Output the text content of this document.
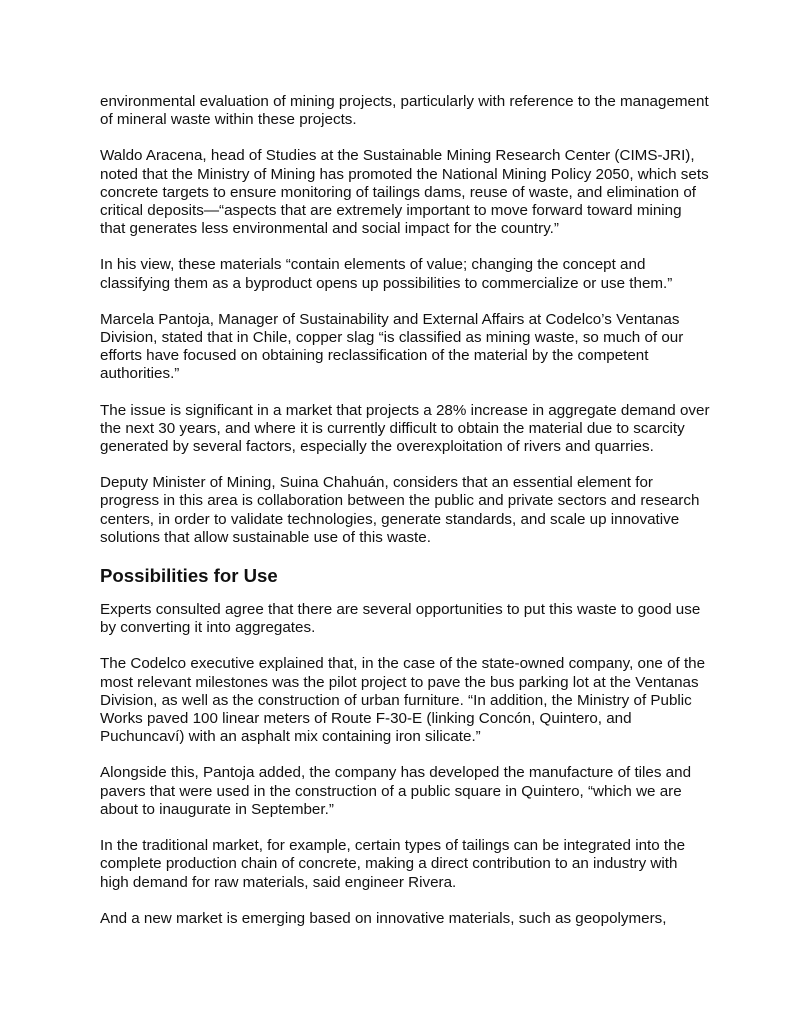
environmental evaluation of mining projects, particularly with reference to the management of mineral waste within these projects.

Waldo Aracena, head of Studies at the Sustainable Mining Research Center (CIMS-JRI), noted that the Ministry of Mining has promoted the National Mining Policy 2050, which sets concrete targets to ensure monitoring of tailings dams, reuse of waste, and elimination of critical deposits—“aspects that are extremely important to move forward toward mining that generates less environmental and social impact for the country.”

In his view, these materials “contain elements of value; changing the concept and classifying them as a byproduct opens up possibilities to commercialize or use them.”

Marcela Pantoja, Manager of Sustainability and External Affairs at Codelco’s Ventanas Division, stated that in Chile, copper slag “is classified as mining waste, so much of our efforts have focused on obtaining reclassification of the material by the competent authorities.”

The issue is significant in a market that projects a 28% increase in aggregate demand over the next 30 years, and where it is currently difficult to obtain the material due to scarcity generated by several factors, especially the overexploitation of rivers and quarries.

Deputy Minister of Mining, Suina Chahuán, considers that an essential element for progress in this area is collaboration between the public and private sectors and research centers, in order to validate technologies, generate standards, and scale up innovative solutions that allow sustainable use of this waste.

Possibilities for Use

Experts consulted agree that there are several opportunities to put this waste to good use by converting it into aggregates.

The Codelco executive explained that, in the case of the state-owned company, one of the most relevant milestones was the pilot project to pave the bus parking lot at the Ventanas Division, as well as the construction of urban furniture. “In addition, the Ministry of Public Works paved 100 linear meters of Route F-30-E (linking Concón, Quintero, and Puchuncaví) with an asphalt mix containing iron silicate.”

Alongside this, Pantoja added, the company has developed the manufacture of tiles and pavers that were used in the construction of a public square in Quintero, “which we are about to inaugurate in September.”

In the traditional market, for example, certain types of tailings can be integrated into the complete production chain of concrete, making a direct contribution to an industry with high demand for raw materials, said engineer Rivera.

And a new market is emerging based on innovative materials, such as geopolymers,
